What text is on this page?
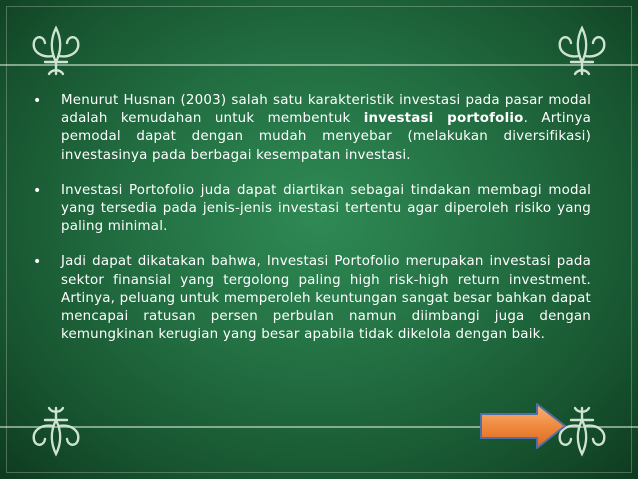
• Menurut Husnan (2003) salah satu karakteristik investasi pada pasar modal adalah kemudahan untuk membentuk investasi portofolio. Artinya pemodal dapat dengan mudah menyebar (melakukan diversifikasi) investasinya pada berbagai kesempatan investasi.
• Investasi Portofolio juda dapat diartikan sebagai tindakan membagi modal yang tersedia pada jenis-jenis investasi tertentu agar diperoleh risiko yang paling minimal.
• Jadi dapat dikatakan bahwa, Investasi Portofolio merupakan investasi pada sektor finansial yang tergolong paling high risk-high return investment. Artinya, peluang untuk memperoleh keuntungan sangat besar bahkan dapat mencapai ratusan persen perbulan namun diimbangi juga dengan kemungkinan kerugian yang besar apabila tidak dikelola dengan baik.
